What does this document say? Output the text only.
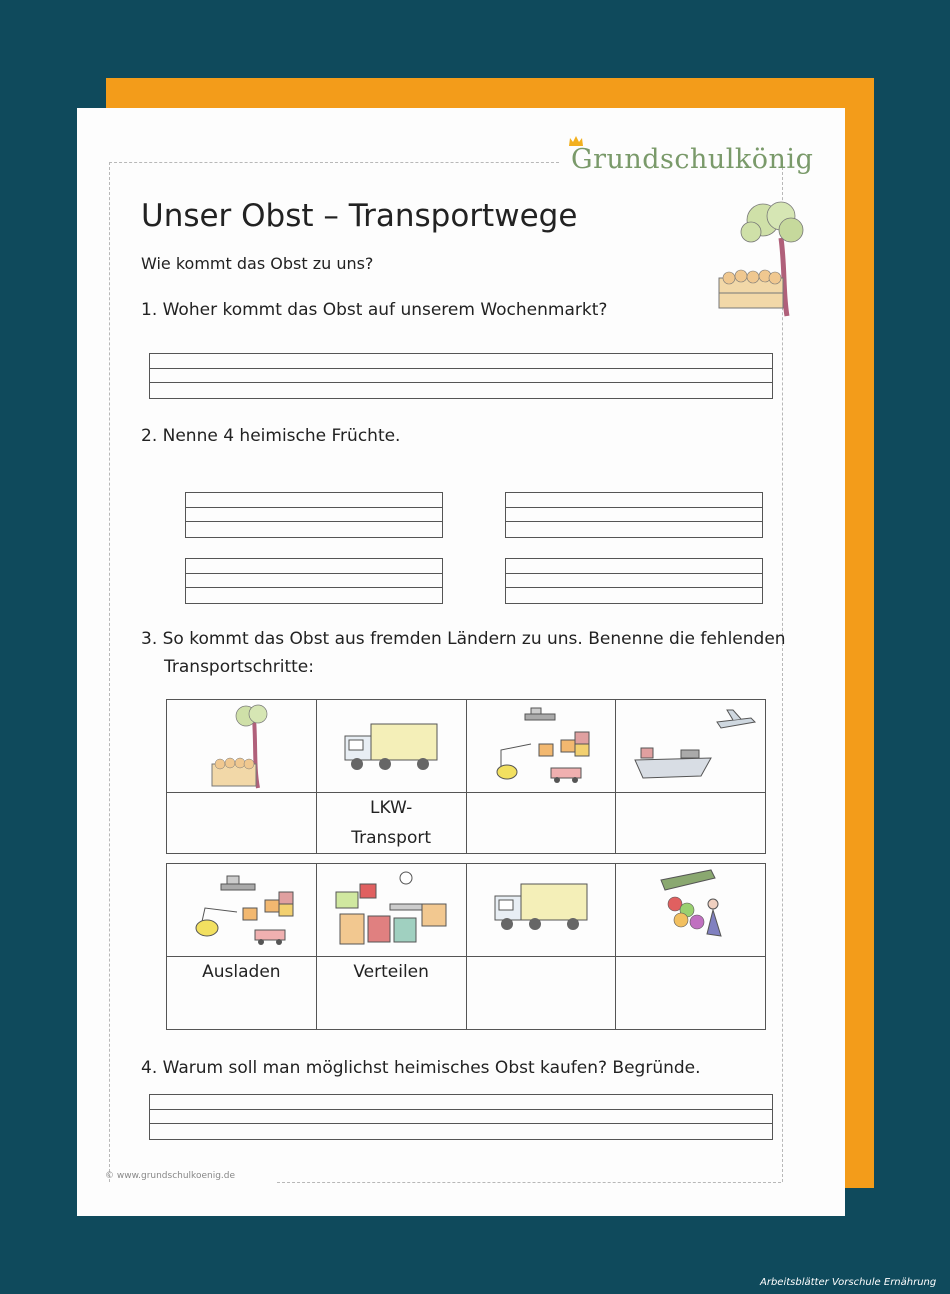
Grundschulkönig
Unser Obst – Transportwege
Wie kommt das Obst zu uns?
1. Woher kommt das Obst auf unserem Wochenmarkt?
2. Nenne 4 heimische Früchte.
3. So kommt das Obst aus fremden Ländern zu uns. Benenne die fehlenden
Transportschritte:

	LKW-
Transport		

Ausladen	Verteilen		
4. Warum soll man möglichst heimisches Obst kaufen? Begründe.
© www.grundschulkoenig.de
Arbeitsblätter Vorschule Ernährung
